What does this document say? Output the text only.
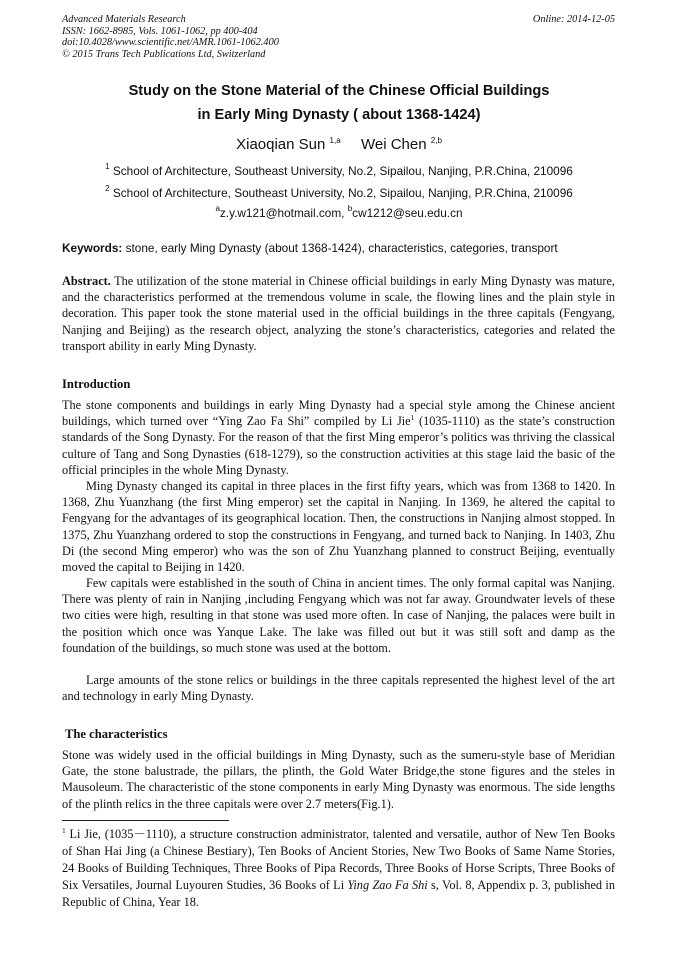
Advanced Materials Research
ISSN: 1662-8985, Vols. 1061-1062, pp 400-404
doi:10.4028/www.scientific.net/AMR.1061-1062.400
© 2015 Trans Tech Publications Ltd, Switzerland
Online: 2014-12-05
Study on the Stone Material of the Chinese Official Buildings
in Early Ming Dynasty ( about 1368-1424)
Xiaoqian Sun $^{1,a}$ Wei Chen $^{2,b}$
$^1$ School of Architecture, Southeast University, No.2, Sipailou, Nanjing, P.R.China, 210096
$^2$ School of Architecture, Southeast University, No.2, Sipailou, Nanjing, P.R.China, 210096
$^a$z.y.w121@hotmail.com, $^b$cw1212@seu.edu.cn
Keywords: stone, early Ming Dynasty (about 1368-1424), characteristics, categories, transport
Abstract. The utilization of the stone material in Chinese official buildings in early Ming Dynasty was mature, and the characteristics performed at the tremendous volume in scale, the flowing lines and the plain style in decoration. This paper took the stone material used in the official buildings in the three capitals (Fengyang, Nanjing and Beijing) as the research object, analyzing the stone’s characteristics, categories and related the transport ability in early Ming Dynasty.
Introduction
The stone components and buildings in early Ming Dynasty had a special style among the Chinese ancient buildings, which turned over “Ying Zao Fa Shi” compiled by Li Jie$^1$ (1035-1110) as the state’s construction standards of the Song Dynasty. For the reason of that the first Ming emperor’s politics was thriving the classical culture of Tang and Song Dynasties (618-1279), so the construction activities at this stage laid the basic of the official principles in the whole Ming Dynasty.
Ming Dynasty changed its capital in three places in the first fifty years, which was from 1368 to 1420. In 1368, Zhu Yuanzhang (the first Ming emperor) set the capital in Nanjing. In 1369, he altered the capital to Fengyang for the advantages of its geographical location. Then, the constructions in Nanjing almost stopped. In 1375, Zhu Yuanzhang ordered to stop the constructions in Fengyang, and turned back to Nanjing. In 1403, Zhu Di (the second Ming emperor) who was the son of Zhu Yuanzhang planned to construct Beijing, eventually moved the capital to Beijing in 1420.
Few capitals were established in the south of China in ancient times. The only formal capital was Nanjing. There was plenty of rain in Nanjing ,including Fengyang which was not far away. Groundwater levels of these two cities were high, resulting in that stone was used more often. In case of Nanjing, the palaces were built in the position which once was Yanque Lake. The lake was filled out but it was still soft and damp as the foundation of the buildings, so much stone was used at the bottom.
Large amounts of the stone relics or buildings in the three capitals represented the highest level of the art and technology in early Ming Dynasty.
The characteristics
Stone was widely used in the official buildings in Ming Dynasty, such as the sumeru-style base of Meridian Gate, the stone balustrade, the pillars, the plinth, the Gold Water Bridge,the stone figures and the steles in Mausoleum. The characteristic of the stone components in early Ming Dynasty was enormous. The side lengths of the plinth relics in the three capitals were over 2.7 meters(Fig.1).
$^1$ Li Jie, (1035－1110), a structure construction administrator, talented and versatile, author of New Ten Books of Shan Hai Jing (a Chinese Bestiary), Ten Books of Ancient Stories, New Two Books of Same Name Stories, 24 Books of Building Techniques, Three Books of Pipa Records, Three Books of Horse Scripts, Three Books of Six Versatiles, Journal Luyouren Studies, 36 Books of Li Ying Zao Fa Shi s, Vol. 8, Appendix p. 3, published in Republic of China, Year 18.
